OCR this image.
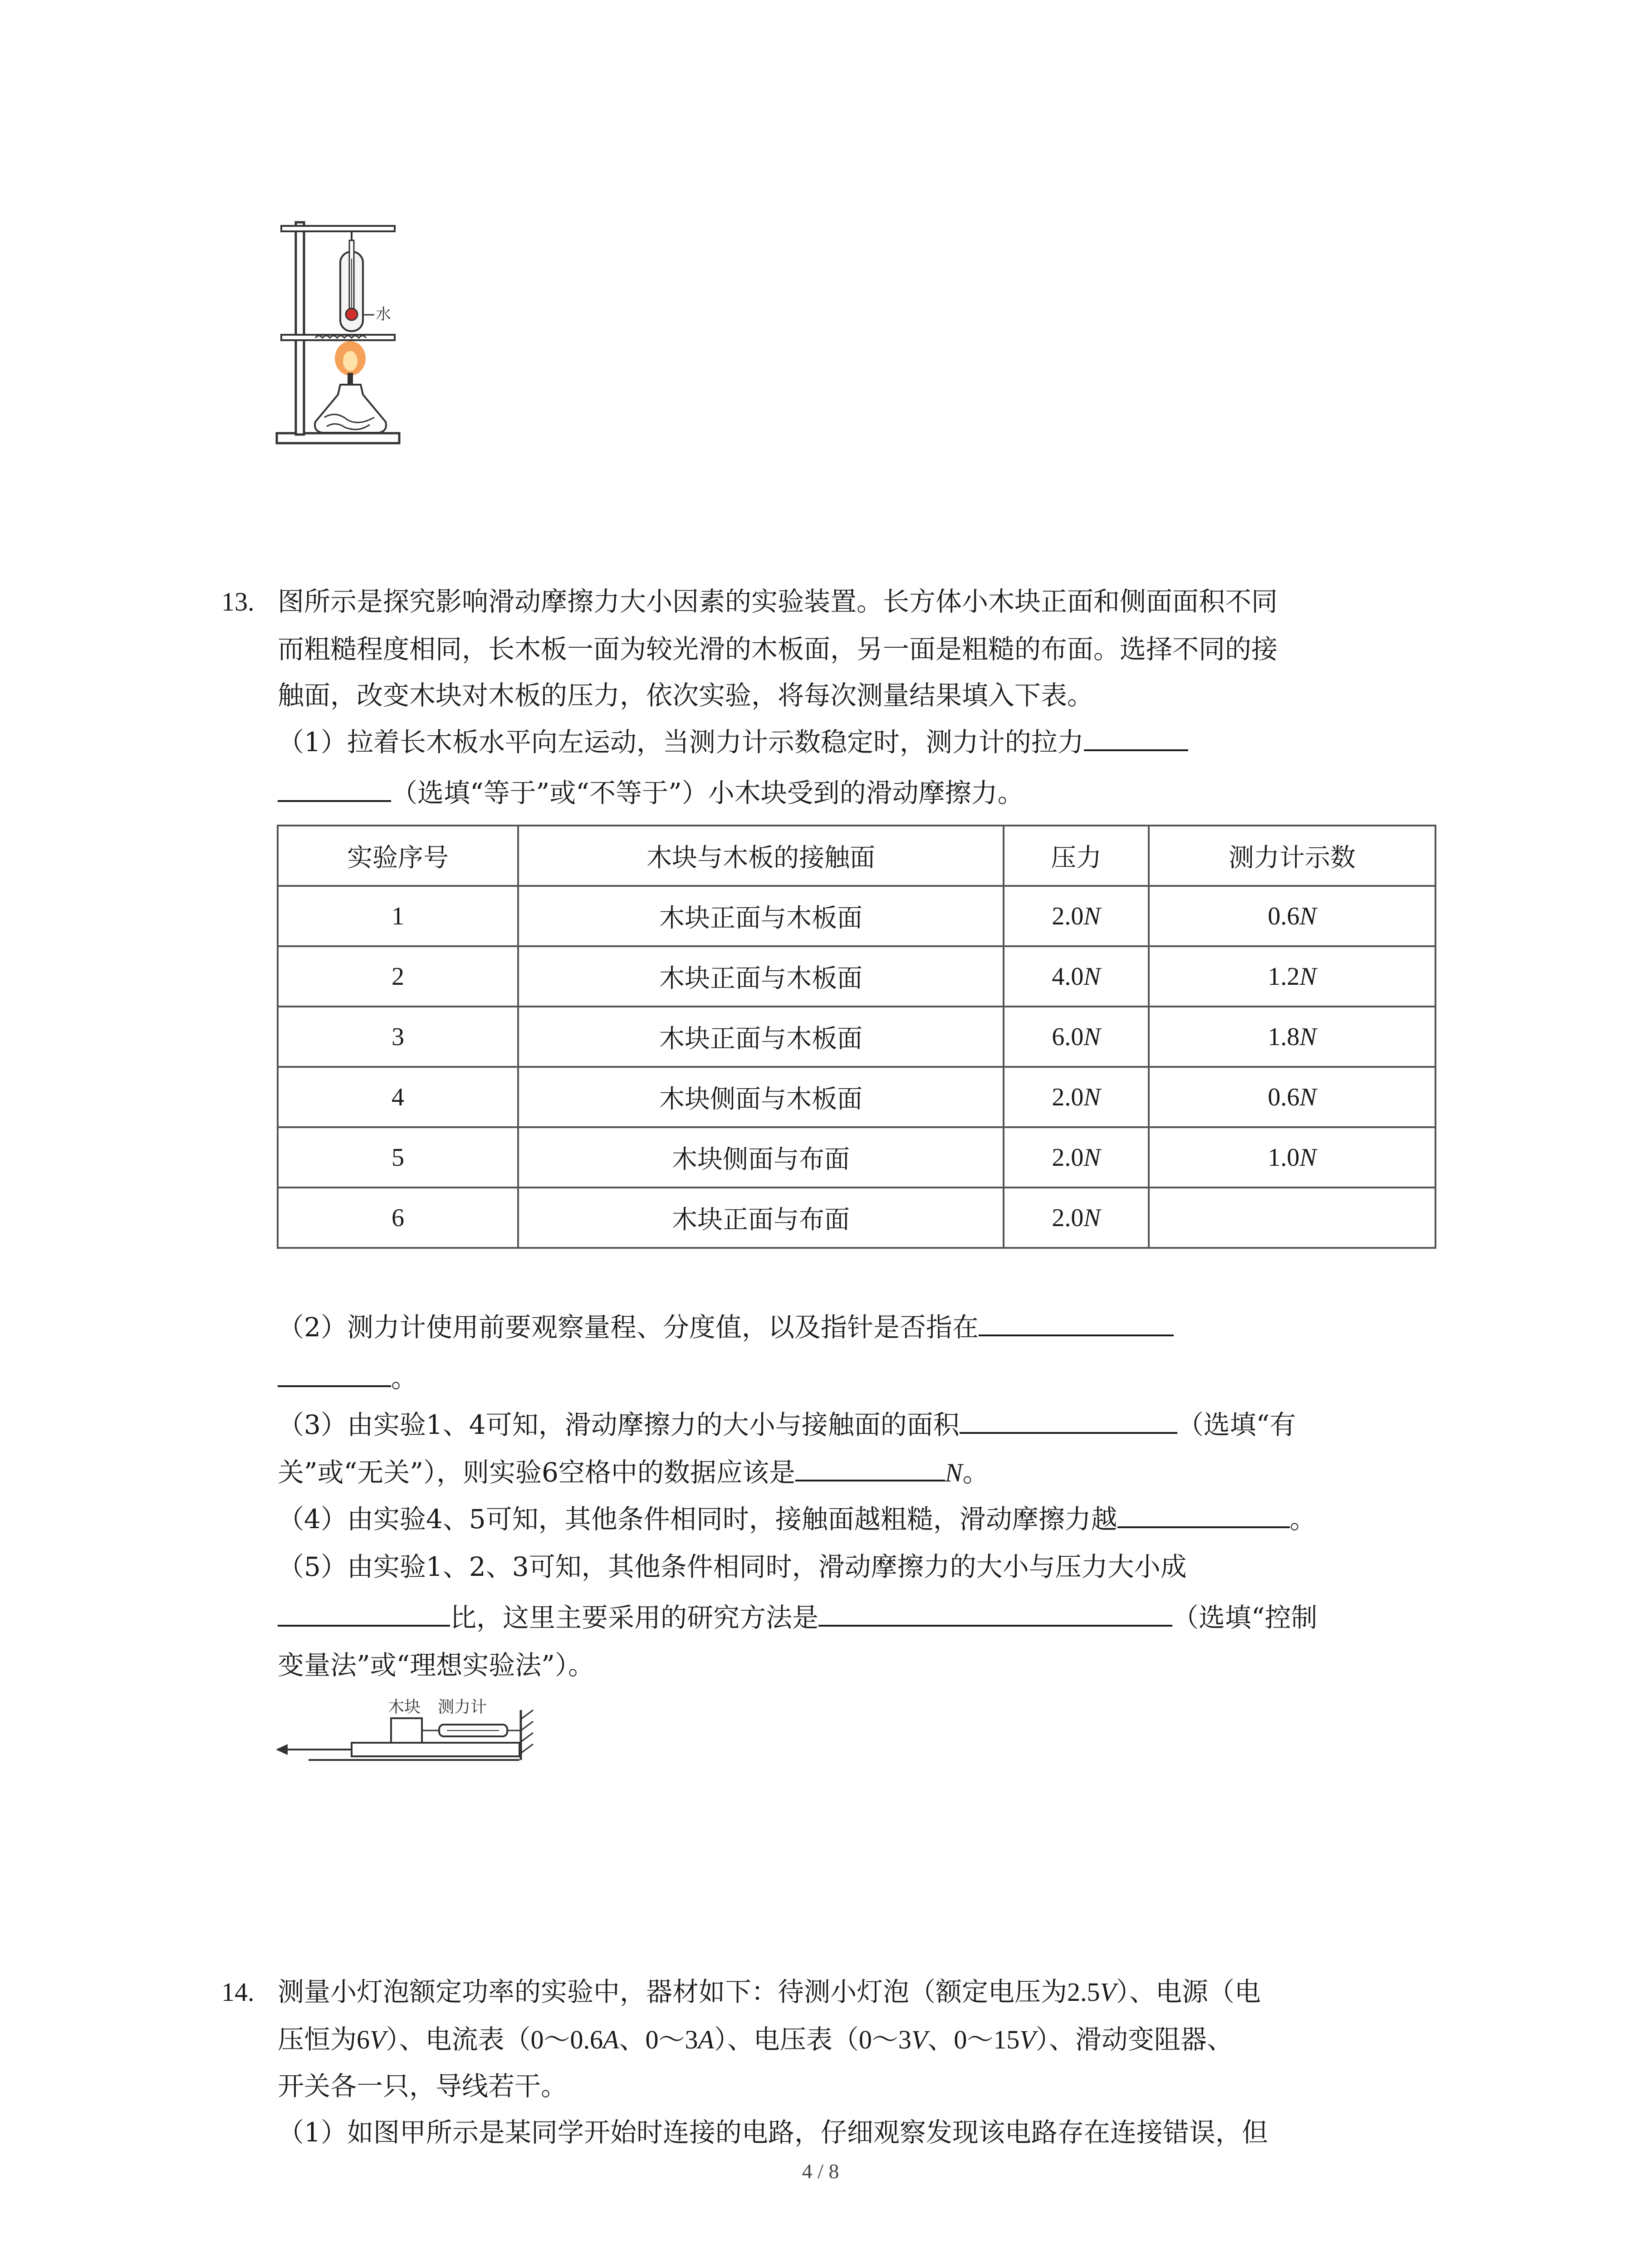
水
13. 图所示是探究影响滑动摩擦力大小因素的实验装置。长方体小木块正面和侧面面积不同
而粗糙程度相同，长木板一面为较光滑的木板面，另一面是粗糙的布面。选择不同的接
触面，改变木块对木板的压力，依次实验，将每次测量结果填入下表。
（1）拉着长木板水平向左运动，当测力计示数稳定时，测力计的拉力
（选填“等于”或“不等于”）小木块受到的滑动摩擦力。
实验序号	木块与木板的接触面	压力	测力计示数
1	木块正面与木板面	2.0N	0.6N
2	木块正面与木板面	4.0N	1.2N
3	木块正面与木板面	6.0N	1.8N
4	木块侧面与木板面	2.0N	0.6N
5	木块侧面与布面	2.0N	1.0N
6	木块正面与布面	2.0N	
（2）测力计使用前要观察量程、分度值，以及指针是否指在
。
（3）由实验1、4可知，滑动摩擦力的大小与接触面的面积	（选填“有
关”或“无关”），则实验6空格中的数据应该是	N。
（4）由实验4、5可知，其他条件相同时，接触面越粗糙，滑动摩擦力越	。
（5）由实验1、2、3可知，其他条件相同时，滑动摩擦力的大小与压力大小成
比，这里主要采用的研究方法是	（选填“控制
变量法”或“理想实验法”）。
木块 测力计
14. 测量小灯泡额定功率的实验中，器材如下：待测小灯泡（额定电压为2.5V）、电源（电
压恒为6V）、电流表（0～0.6A、0～3A）、电压表（0～3V、0～15V）、滑动变阻器、
开关各一只，导线若干。
（1）如图甲所示是某同学开始时连接的电路，仔细观察发现该电路存在连接错误，但
4 / 8
